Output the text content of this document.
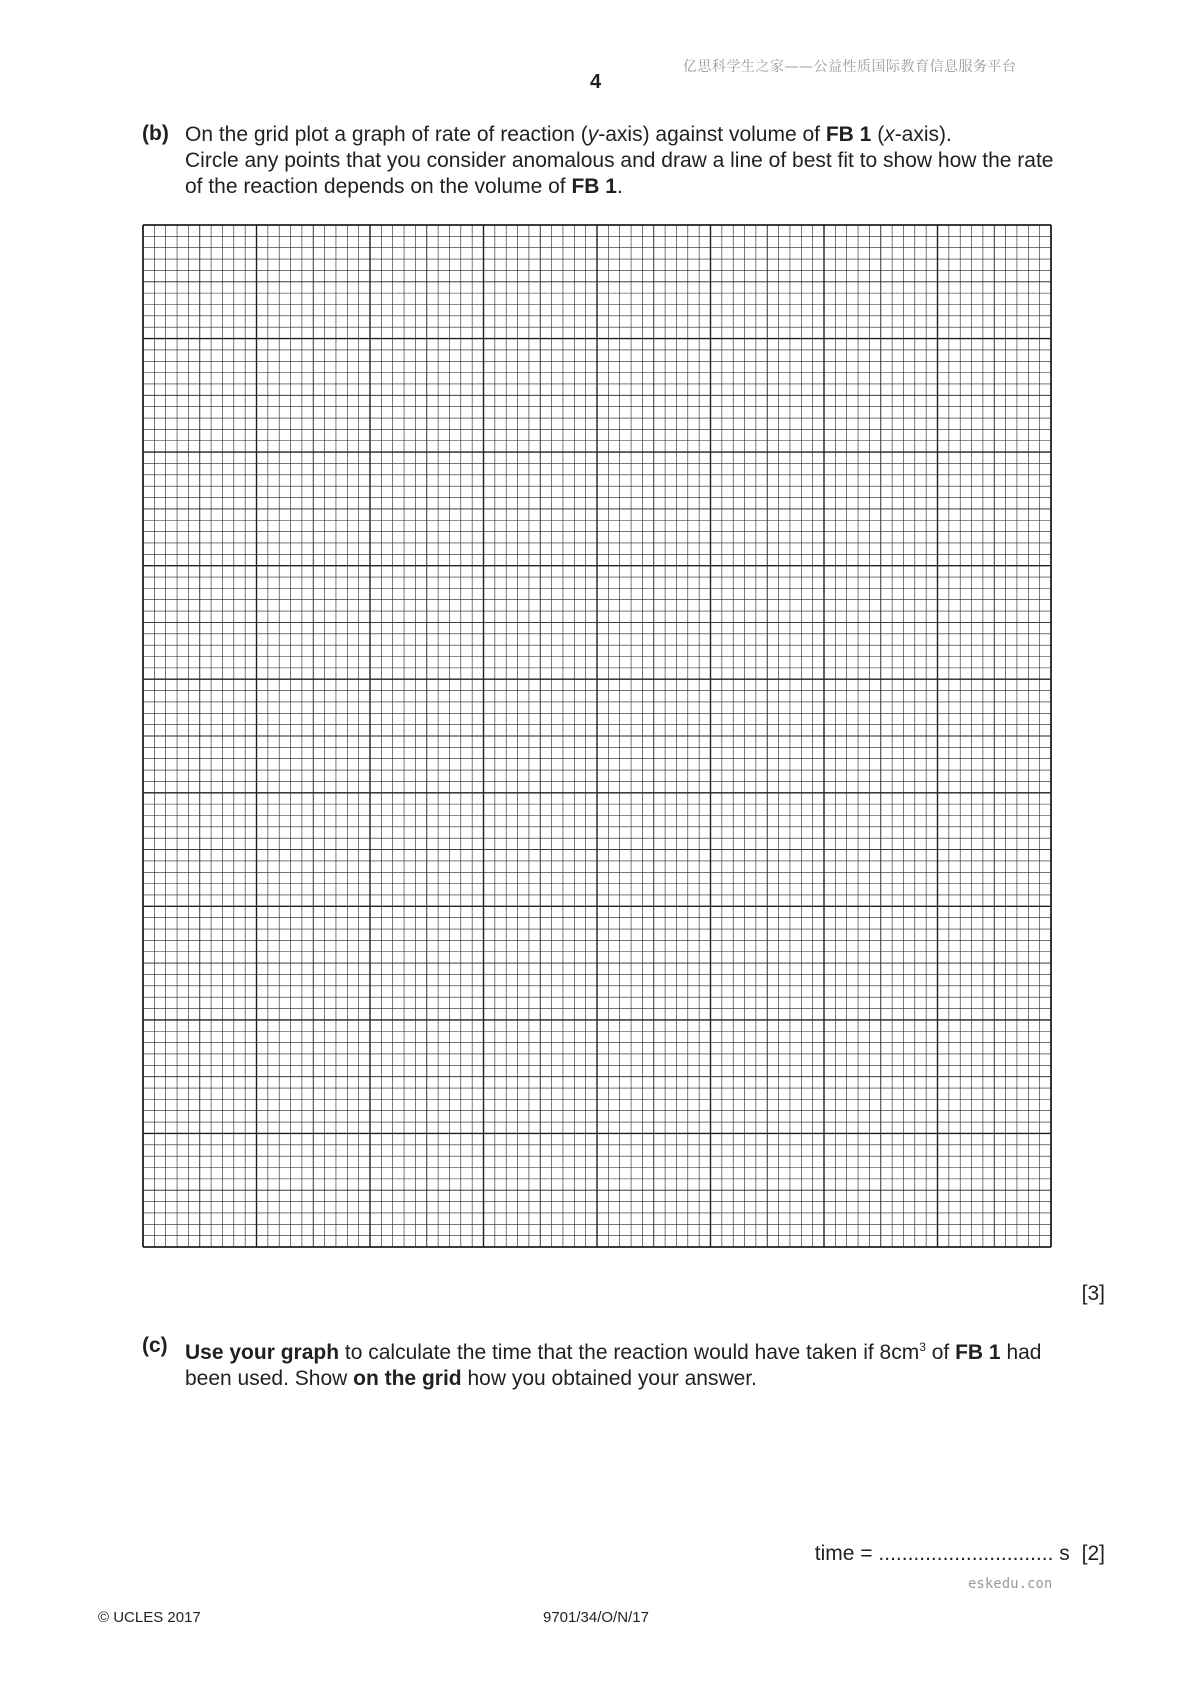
亿思科学生之家——公益性质国际教育信息服务平台
4
(b) On the grid plot a graph of rate of reaction (y-axis) against volume of FB 1 (x-axis).

Circle any points that you consider anomalous and draw a line of best fit to show how the rate

of the reaction depends on the volume of FB 1.

[3]
(c) Use your graph to calculate the time that the reaction would have taken if $8cm^3$ of FB 1 had

been used. Show on the grid how you obtained your answer.

time = .............................. s [2]
eskedu.con
© UCLES 2017	9701/34/O/N/17
